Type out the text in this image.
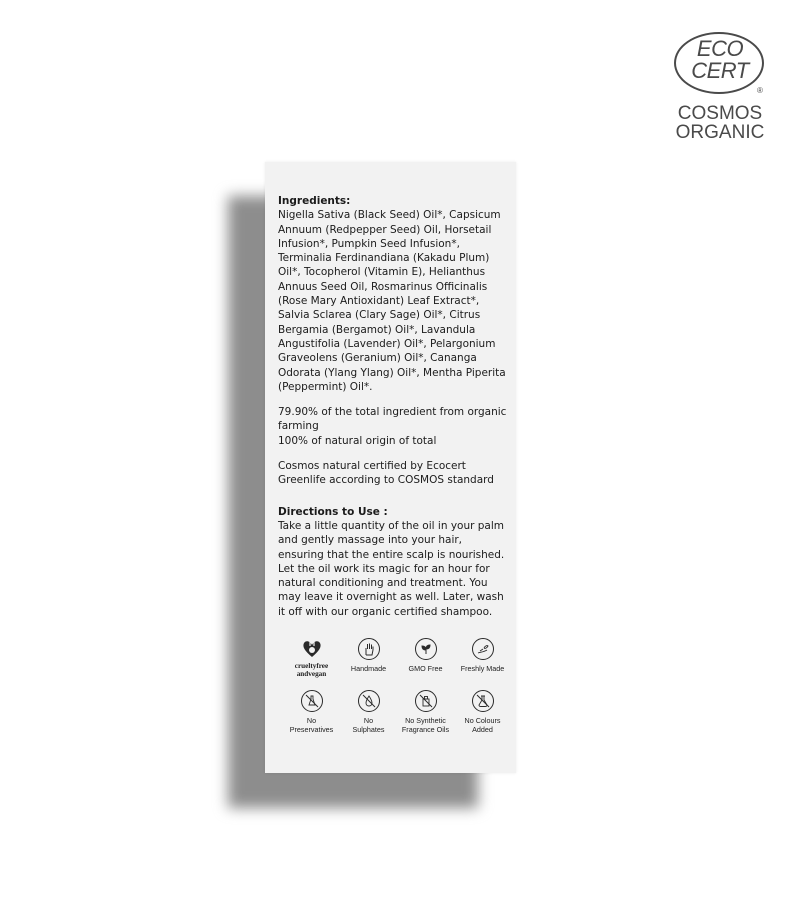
ECO
CERT
®
COSMOS
ORGANIC
Ingredients:

Nigella Sativa (Black Seed) Oil*, Capsicum Annuum (Redpepper Seed) Oil, Horsetail Infusion*, Pumpkin Seed Infusion*, Terminalia Ferdinandiana (Kakadu Plum) Oil*, Tocopherol (Vitamin E), Helianthus Annuus Seed Oil, Rosmarinus Officinalis (Rose Mary Antioxidant) Leaf Extract*, Salvia Sclarea (Clary Sage) Oil*, Citrus Bergamia (Bergamot) Oil*, Lavandula Angustifolia (Lavender) Oil*, Pelargonium Graveolens (Geranium) Oil*, Cananga Odorata (Ylang Ylang) Oil*, Mentha Piperita (Peppermint) Oil*.

79.90% of the total ingredient from organic farming

100% of natural origin of total

Cosmos natural certified by Ecocert Greenlife according to COSMOS standard

Directions to Use :

Take a little quantity of the oil in your palm and gently massage into your hair, ensuring that the entire scalp is nourished. Let the oil work its magic for an hour for natural conditioning and treatment. You may leave it overnight as well. Later, wash it off with our organic certified shampoo.

crueltyfree
andvegan
Handmade	GMO Free	Freshly Made
No
Preservatives
No
Sulphates
No Synthetic
Fragrance Oils
No Colours
Added
